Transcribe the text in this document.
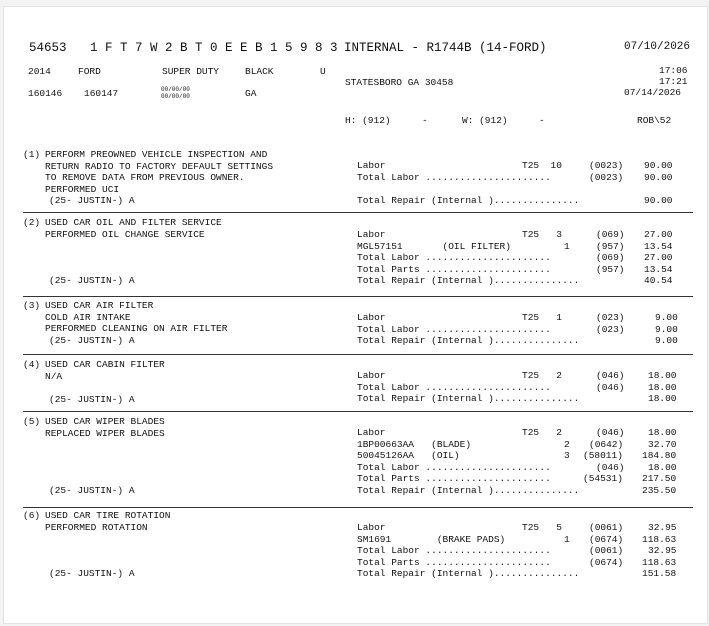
54653 1 F T 7 W 2 B T 0 E E B 1 5 9 8 3 INTERNAL - R1744B (14-FORD)	07/10/2026
2014	FORD	SUPER DUTY	BLACK	U
STATESBORO GA 30458
17:06
17:21
07/14/2026
160146 160147	00/00/00
00/00/00	GA
H: (912)	-	W: (912)	-	ROB\52
(1) PERFORM PREOWNED VEHICLE INSPECTION AND
RETURN RADIO TO FACTORY DEFAULT SETTINGS
TO REMOVE DATA FROM PREVIOUS OWNER.
PERFORMED UCI
(25- JUSTIN-) A
Labor	T25  10	(0023) 90.00
Total Labor ......................	(0023) 90.00
Total Repair (Internal )...............	90.00
(2) USED CAR OIL AND FILTER SERVICE
PERFORMED OIL CHANGE SERVICE
(25- JUSTIN-) A
Labor	T25   3	(069) 27.00
MGL57151       (OIL FILTER)	1	(957) 13.54
Total Labor ......................	(069) 27.00
Total Parts ......................	(957) 13.54
Total Repair (Internal )...............	40.54
(3) USED CAR AIR FILTER
COLD AIR INTAKE
PERFORMED CLEANING ON AIR FILTER
(25- JUSTIN-) A
Labor	T25   1	(023)	9.00
Total Labor ......................	(023)	9.00
Total Repair (Internal )...............	9.00
(4) USED CAR CABIN FILTER
N/A
(25- JUSTIN-) A
Labor	T25   2	(046) 18.00
Total Labor ......................	(046) 18.00
Total Repair (Internal )...............	18.00
(5) USED CAR WIPER BLADES
REPLACED WIPER BLADES
(25- JUSTIN-) A
Labor	T25   2	(046) 18.00
1BP00663AA   (BLADE)	2 (0642)	32.70
50045126AA   (OIL)	3 (58011) 184.80
Total Labor ......................	(046) 18.00
Total Parts ......................	(54531) 217.50
Total Repair (Internal )...............	235.50
(6) USED CAR TIRE ROTATION
PERFORMED ROTATION
(25- JUSTIN-) A
Labor	T25   5	(0061)	32.95
SM1691        (BRAKE PADS)	1 (0674) 118.63
Total Labor ......................	(0061)	32.95
Total Parts ......................	(0674) 118.63
Total Repair (Internal )...............	151.58
